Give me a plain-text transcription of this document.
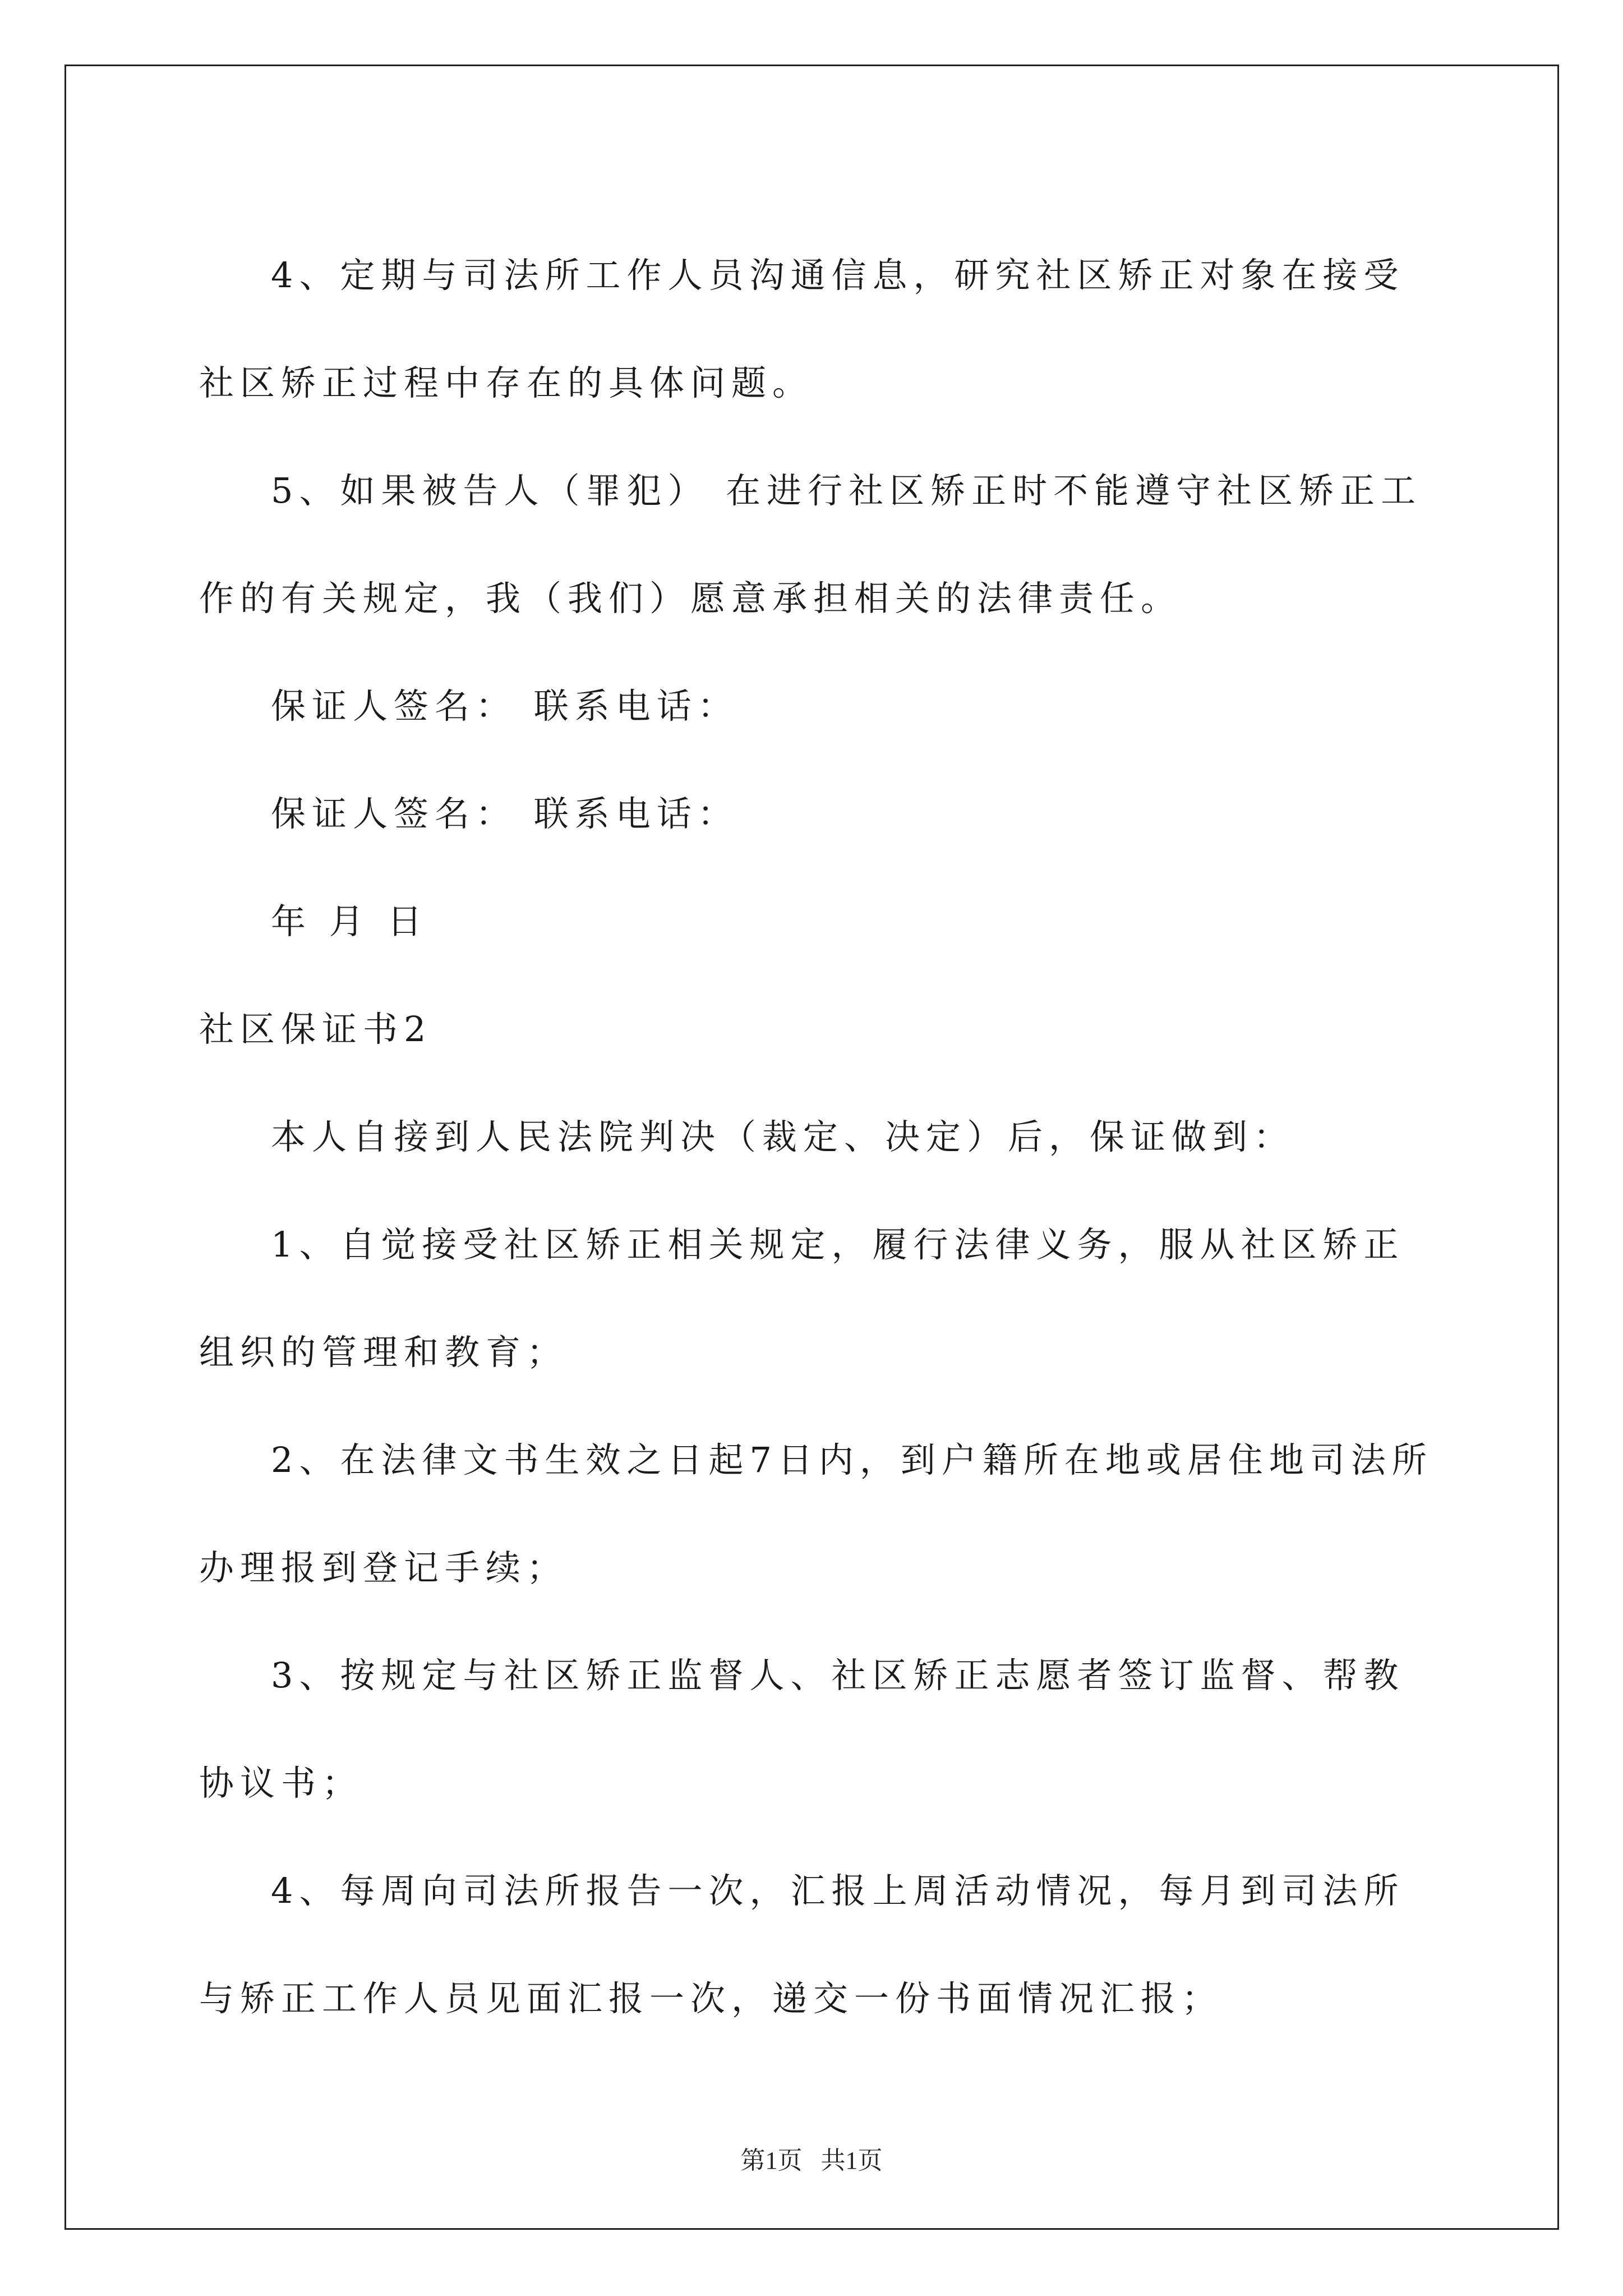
4、定期与司法所工作人员沟通信息，研究社区矫正对象在接受社区矫正过程中存在的具体问题。

5、如果被告人（罪犯） 在进行社区矫正时不能遵守社区矫正工作的有关规定，我（我们）愿意承担相关的法律责任。

保证人签名： 联系电话：

保证人签名： 联系电话：

年 月 日

社区保证书2

本人自接到人民法院判决（裁定、决定）后，保证做到：

1、自觉接受社区矫正相关规定，履行法律义务，服从社区矫正组织的管理和教育；

2、在法律文书生效之日起7日内，到户籍所在地或居住地司法所办理报到登记手续；

3、按规定与社区矫正监督人、社区矫正志愿者签订监督、帮教协议书；

4、每周向司法所报告一次，汇报上周活动情况，每月到司法所与矫正工作人员见面汇报一次，递交一份书面情况汇报；

第1页   共1页
